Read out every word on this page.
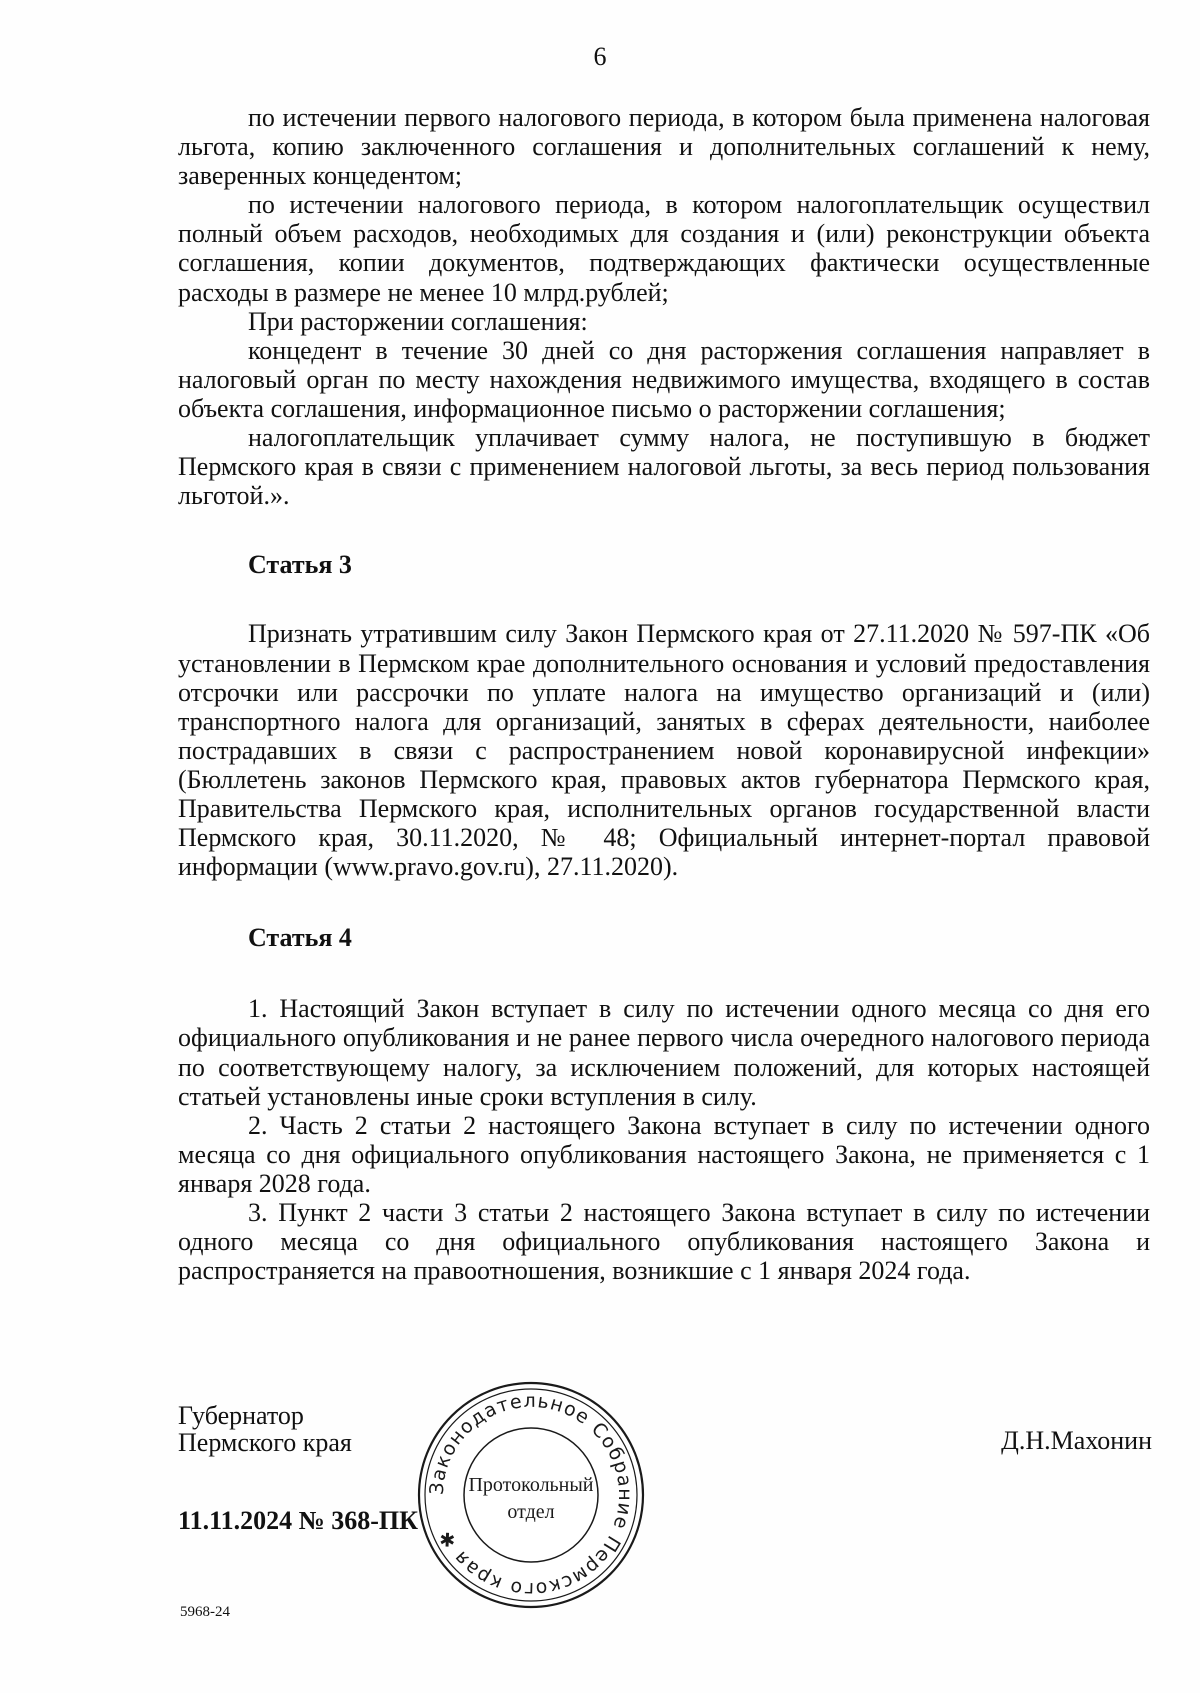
6

по истечении первого налогового периода, в котором была применена налоговая льгота, копию заключенного соглашения и дополнительных соглашений к нему, заверенных концедентом;

по истечении налогового периода, в котором налогоплательщик осуществил полный объем расходов, необходимых для создания и (или) реконструкции объекта соглашения, копии документов, подтверждающих фактически осуществленные расходы в размере не менее 10 млрд.рублей;

При расторжении соглашения:

концедент в течение 30 дней со дня расторжения соглашения направляет в налоговый орган по месту нахождения недвижимого имущества, входящего в состав объекта соглашения, информационное письмо о расторжении соглашения;

налогоплательщик уплачивает сумму налога, не поступившую в бюджет Пермского края в связи с применением налоговой льготы, за весь период пользования льготой.».

Статья 3

Признать утратившим силу Закон Пермского края от 27.11.2020 № 597-ПК «Об установлении в Пермском крае дополнительного основания и условий предоставления отсрочки или рассрочки по уплате налога на имущество организаций и (или) транспортного налога для организаций, занятых в сферах деятельности, наиболее пострадавших в связи с распространением новой коронавирусной инфекции» (Бюллетень законов Пермского края, правовых актов губернатора Пермского края, Правительства Пермского края, исполнительных органов государственной власти Пермского края, 30.11.2020, № 48; Официальный интернет-портал правовой информации (www.pravo.gov.ru), 27.11.2020).

Статья 4

1. Настоящий Закон вступает в силу по истечении одного месяца со дня его официального опубликования и не ранее первого числа очередного налогового периода по соответствующему налогу, за исключением положений, для которых настоящей статьей установлены иные сроки вступления в силу.

2. Часть 2 статьи 2 настоящего Закона вступает в силу по истечении одного месяца со дня официального опубликования настоящего Закона, не применяется с 1 января 2028 года.

3. Пункт 2 части 3 статьи 2 настоящего Закона вступает в силу по истечении одного месяца со дня официального опубликования настоящего Закона и распространяется на правоотношения, возникшие с 1 января 2024 года.

Губернатор
Пермского края	Д.Н.Махонин
11.11.2024 № 368-ПК
Законодательное Собрание Пермского края ✱
Протокольный
отдел
5968-24
